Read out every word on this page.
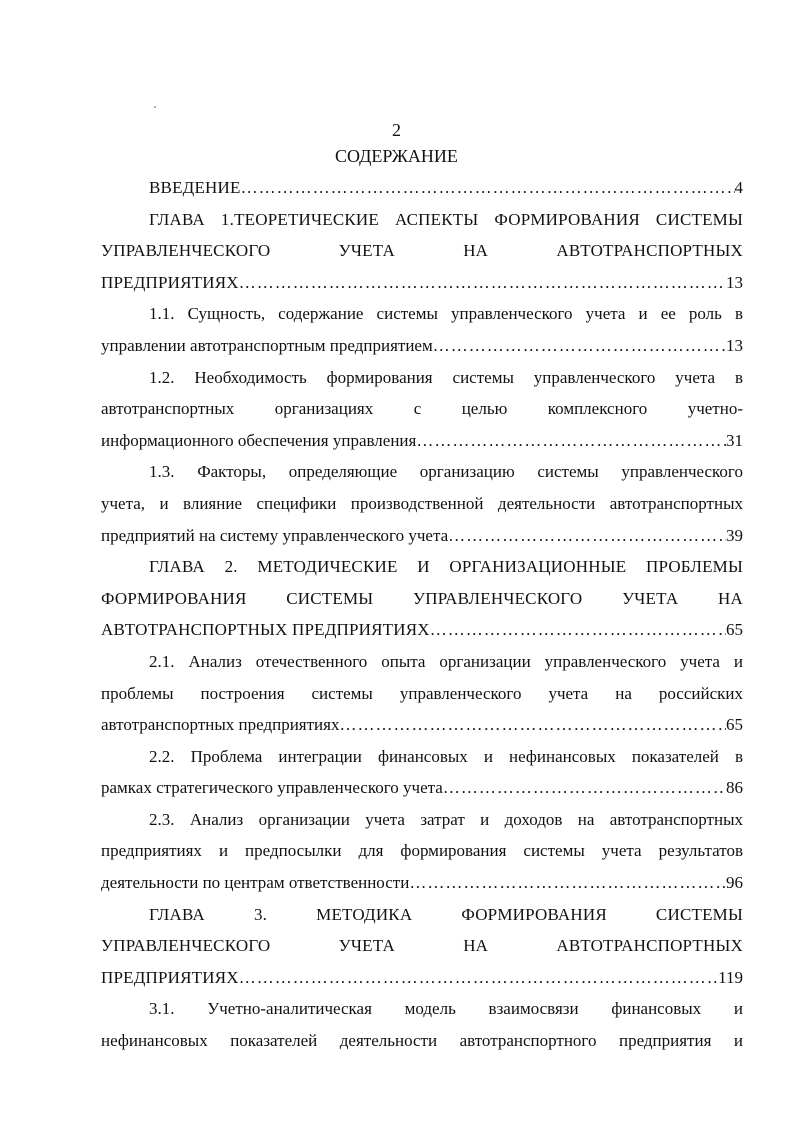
2
СОДЕРЖАНИЕ
ВВЕДЕНИЕ ……………………………………………………………………………………………………………………………………………………	4
ГЛАВА 1.ТЕОРЕТИЧЕСКИЕ АСПЕКТЫ ФОРМИРОВАНИЯ СИСТЕМЫ
УПРАВЛЕНЧЕСКОГО УЧЕТА НА АВТОТРАНСПОРТНЫХ
ПРЕДПРИЯТИЯХ ……………………………………………………………………………………………………………………………………………………	13
1.1. Сущность, содержание системы управленческого учета и ее роль в
управлении автотранспортным предприятием ……………………………………………………………………………………………………………………………………………………	13
1.2. Необходимость формирования системы управленческого учета в
автотранспортных организациях с целью комплексного учетно-
информационного обеспечения управления ……………………………………………………………………………………………………………………………………………………	31
1.3. Факторы, определяющие организацию системы управленческого
учета, и влияние специфики производственной деятельности автотранспортных
предприятий на систему управленческого учета ……………………………………………………………………………………………………………………………………………………	39
ГЛАВА 2. МЕТОДИЧЕСКИЕ И ОРГАНИЗАЦИОННЫЕ ПРОБЛЕМЫ
ФОРМИРОВАНИЯ СИСТЕМЫ УПРАВЛЕНЧЕСКОГО УЧЕТА НА
АВТОТРАНСПОРТНЫХ ПРЕДПРИЯТИЯХ ……………………………………………………………………………………………………………………………………………………	65
2.1. Анализ отечественного опыта организации управленческого учета и
проблемы построения системы управленческого учета на российских
автотранспортных предприятиях ……………………………………………………………………………………………………………………………………………………	65
2.2. Проблема интеграции финансовых и нефинансовых показателей в
рамках стратегического управленческого учета ……………………………………………………………………………………………………………………………………………………	86
2.3. Анализ организации учета затрат и доходов на автотранспортных
предприятиях и предпосылки для формирования системы учета результатов
деятельности по центрам ответственности ……………………………………………………………………………………………………………………………………………………	96
ГЛАВА 3. МЕТОДИКА ФОРМИРОВАНИЯ СИСТЕМЫ
УПРАВЛЕНЧЕСКОГО УЧЕТА НА АВТОТРАНСПОРТНЫХ
ПРЕДПРИЯТИЯХ ……………………………………………………………………………………………………………………………………………………	119
3.1. Учетно-аналитическая модель взаимосвязи финансовых и
нефинансовых показателей деятельности автотранспортного предприятия и
